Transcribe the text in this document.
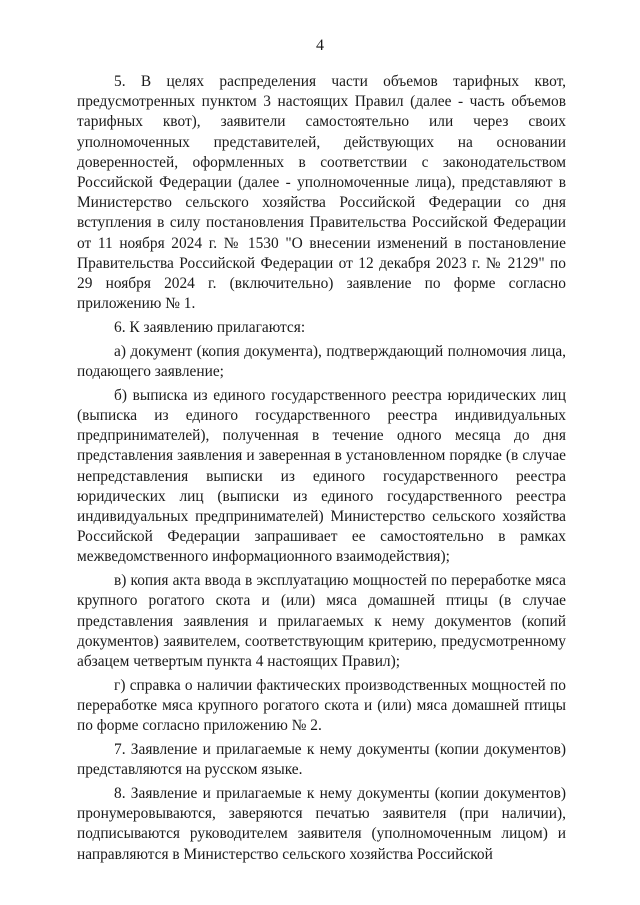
4

5. В целях распределения части объемов тарифных квот, предусмотренных пунктом 3 настоящих Правил (далее - часть объемов тарифных квот), заявители самостоятельно или через своих уполномоченных представителей, действующих на основании доверенностей, оформленных в соответствии с законодательством Российской Федерации (далее - уполномоченные лица), представляют в Министерство сельского хозяйства Российской Федерации со дня вступления в силу постановления Правительства Российской Федерации от 11 ноября 2024 г. № 1530 "О внесении изменений в постановление Правительства Российской Федерации от 12 декабря 2023 г. № 2129" по 29 ноября 2024 г. (включительно) заявление по форме согласно приложению № 1.

6. К заявлению прилагаются:

а) документ (копия документа), подтверждающий полномочия лица, подающего заявление;

б) выписка из единого государственного реестра юридических лиц (выписка из единого государственного реестра индивидуальных предпринимателей), полученная в течение одного месяца до дня представления заявления и заверенная в установленном порядке (в случае непредставления выписки из единого государственного реестра юридических лиц (выписки из единого государственного реестра индивидуальных предпринимателей) Министерство сельского хозяйства Российской Федерации запрашивает ее самостоятельно в рамках межведомственного информационного взаимодействия);

в) копия акта ввода в эксплуатацию мощностей по переработке мяса крупного рогатого скота и (или) мяса домашней птицы (в случае представления заявления и прилагаемых к нему документов (копий документов) заявителем, соответствующим критерию, предусмотренному абзацем четвертым пункта 4 настоящих Правил);

г) справка о наличии фактических производственных мощностей по переработке мяса крупного рогатого скота и (или) мяса домашней птицы по форме согласно приложению № 2.

7. Заявление и прилагаемые к нему документы (копии документов) представляются на русском языке.

8. Заявление и прилагаемые к нему документы (копии документов) пронумеровываются, заверяются печатью заявителя (при наличии), подписываются руководителем заявителя (уполномоченным лицом) и направляются в Министерство сельского хозяйства Российской
